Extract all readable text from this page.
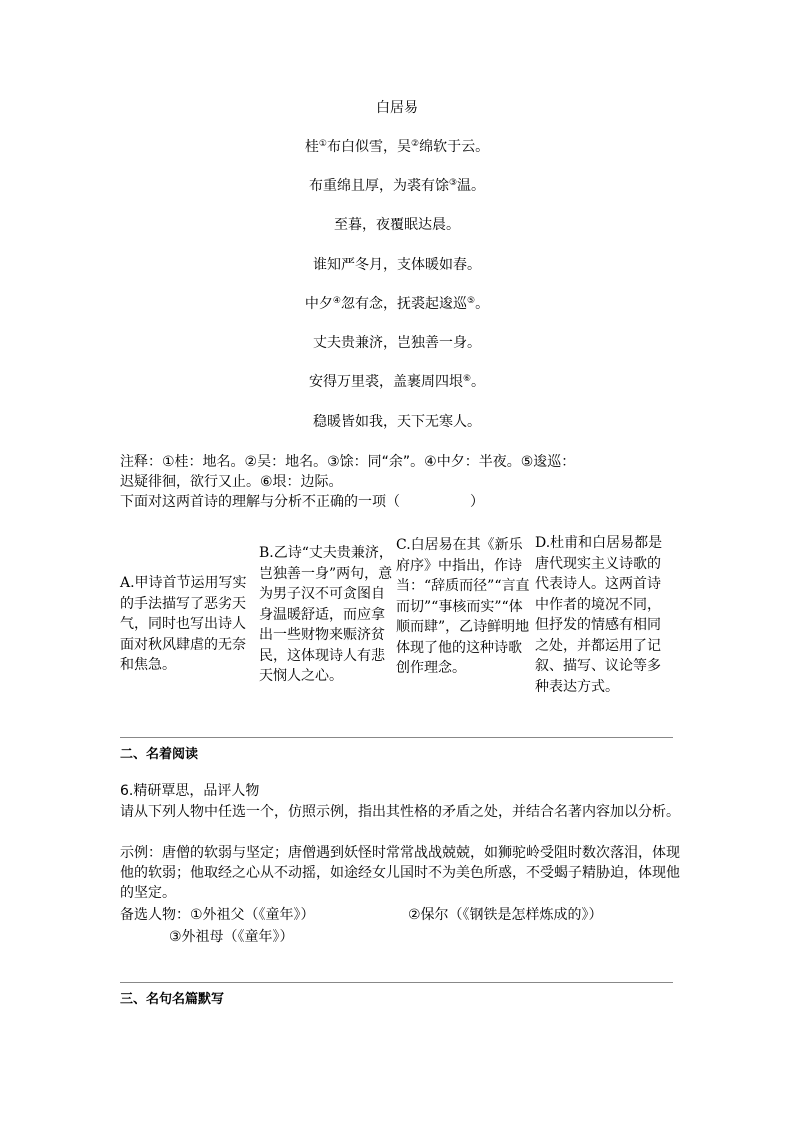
白居易
桂①布白似雪，吴②绵软于云。
布重绵且厚，为裘有馀③温。
至暮，夜覆眠达晨。
谁知严冬月，支体暖如春。
中夕④忽有念，抚裘起逡巡⑤。
丈夫贵兼济，岂独善一身。
安得万里裘，盖裹周四垠⑥。
稳暖皆如我，天下无寒人。
注释：①桂：地名。②吴：地名。③馀：同“余”。④中夕：半夜。⑤逡巡：
迟疑徘徊，欲行又止。⑥垠：边际。
下面对这两首诗的理解与分析不正确的一项（　　　　　）
A.甲诗首节运用写实的手法描写了恶劣天气，同时也写出诗人面对秋风肆虐的无奈和焦急。
B.乙诗“丈夫贵兼济，岂独善一身”两句，意为男子汉不可贪图自身温暖舒适，而应拿出一些财物来赈济贫民，这体现诗人有悲天悯人之心。
C.白居易在其《新乐府序》中指出，作诗当：“辞质而径”“言直而切”“事核而实”“体顺而肆”，乙诗鲜明地体现了他的这种诗歌创作理念。
D.杜甫和白居易都是唐代现实主义诗歌的代表诗人。这两首诗中作者的境况不同，但抒发的情感有相同之处，并都运用了记叙、描写、议论等多种表达方式。
二、名着阅读
6.精研覃思，品评人物
请从下列人物中任选一个，仿照示例，指出其性格的矛盾之处，并结合名著内容加以分析。
示例：唐僧的软弱与坚定；唐僧遇到妖怪时常常战战兢兢，如狮驼岭受阻时数次落泪，体现他的软弱；他取经之心从不动摇，如途经女儿国时不为美色所惑，不受蝎子精胁迫，体现他的坚定。
备选人物：①外祖父（《童年》）	②保尔（《钢铁是怎样炼成的》）
③外祖母（《童年》）
三、名句名篇默写
